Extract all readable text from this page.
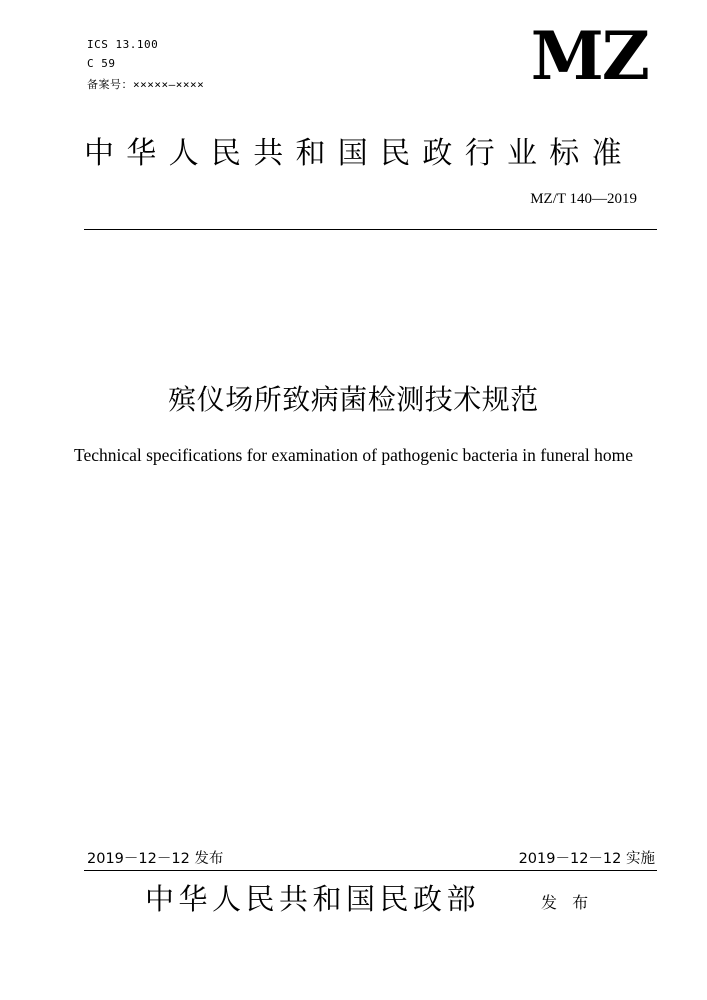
ICS 13.100
C 59
备案号：×××××—××××	MZ
中华人民共和国民政行业标准
MZ/T 140—2019
殡仪场所致病菌检测技术规范
Technical specifications for examination of pathogenic bacteria in funeral home
2019－12－12 发布	2019－12－12 实施
中华人民共和国民政部	发 布
